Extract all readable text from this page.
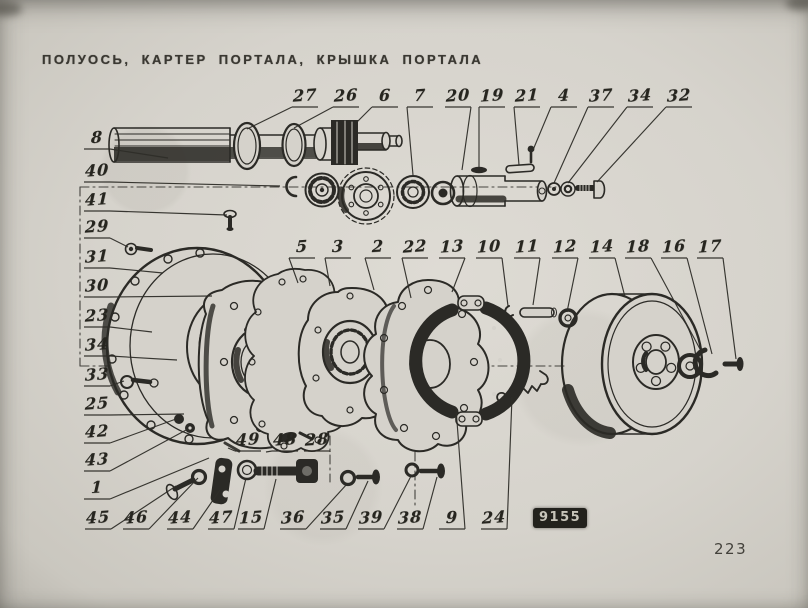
ПОЛУОСЬ, КАРТЕР ПОРТАЛА, КРЫШКА ПОРТАЛА
27 26 6 7 20 19 21 4 37 34 32
5 3 2 22 13 10 11 12 14 18 16 17
8
40
41
29
31
30
23
34
33
25
42
43
1
45 46 44 47 15 36 35 39 38 9 24
49 48 28
9155
223
